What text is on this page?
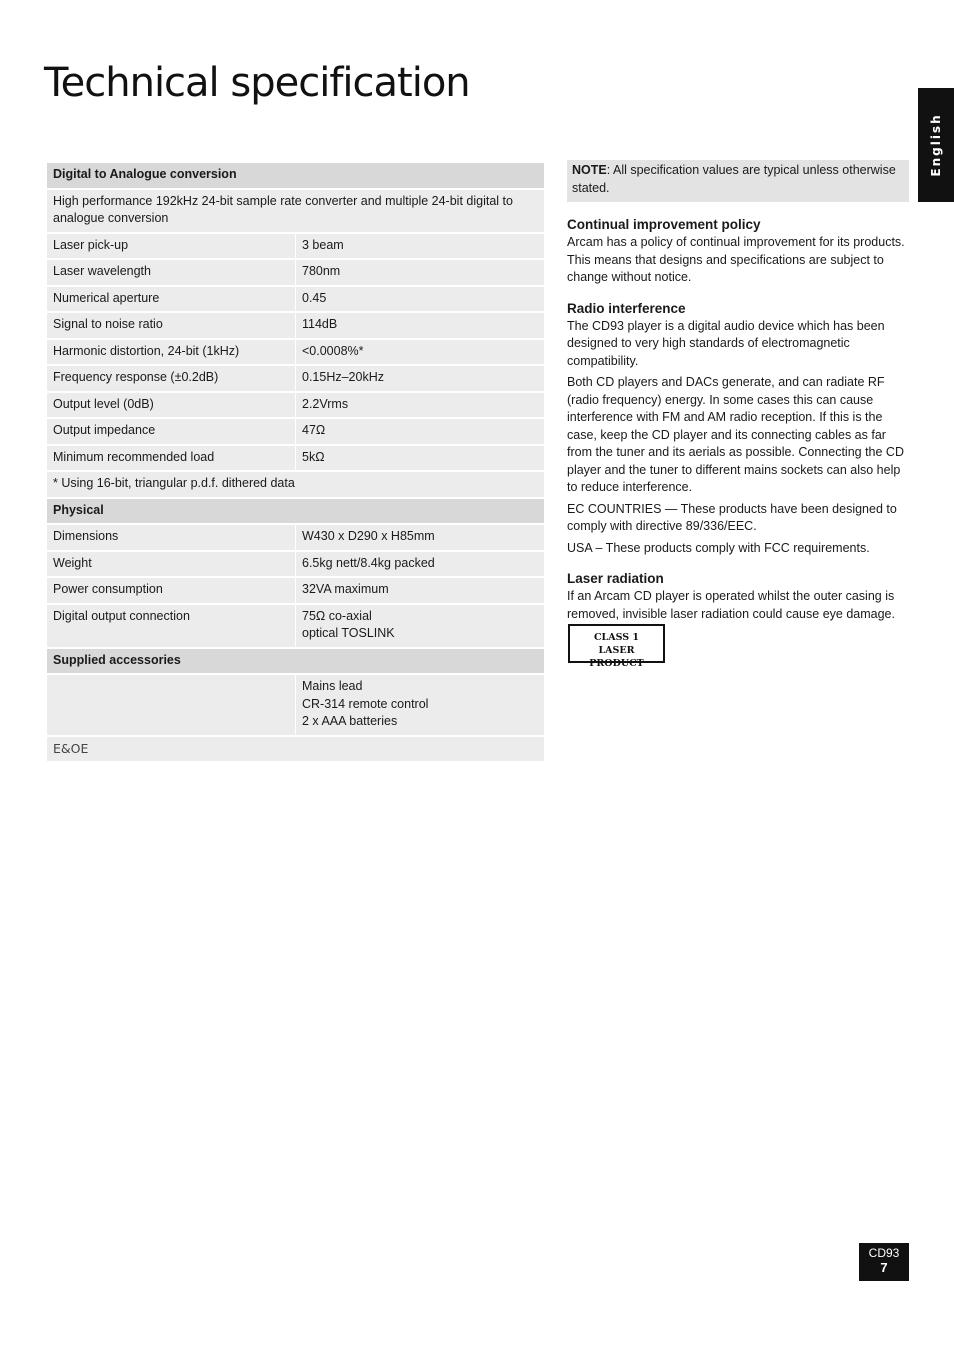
Technical specification
English
Digital to Analogue conversion	
High performance 192kHz 24-bit sample rate converter and multiple 24-bit digital to analogue conversion	
Laser pick-up	3 beam
Laser wavelength	780nm
Numerical aperture	0.45
Signal to noise ratio	114dB
Harmonic distortion, 24-bit (1kHz)	<0.0008%*
Frequency response (±0.2dB)	0.15Hz–20kHz
Output level (0dB)	2.2Vrms
Output impedance	47Ω
Minimum recommended load	5kΩ
* Using 16-bit, triangular p.d.f. dithered data	
Physical	
Dimensions	W430 x D290 x H85mm
Weight	6.5kg nett/8.4kg packed
Power consumption	32VA maximum
Digital output connection	75Ω co-axial
optical TOSLINK
Supplied accessories	
	Mains lead
CR-314 remote control
2 x AAA batteries
E&OE	
NOTE: All specification values are typical unless otherwise stated.
Continual improvement policy

Arcam has a policy of continual improvement for its products. This means that designs and specifications are subject to change without notice.

Radio interference

The CD93 player is a digital audio device which has been designed to very high standards of electromagnetic compatibility.

Both CD players and DACs generate, and can radiate RF (radio frequency) energy. In some cases this can cause interference with FM and AM radio reception. If this is the case, keep the CD player and its connecting cables as far from the tuner and its aerials as possible. Connecting the CD player and the tuner to different mains sockets can also help to reduce interference.

EC COUNTRIES — These products have been designed to comply with directive 89/336/EEC.

USA – These products comply with FCC requirements.

Laser radiation

If an Arcam CD player is operated whilst the outer casing is removed, invisible laser radiation could cause eye damage.

CLASS 1
LASER PRODUCT
CD93
7
